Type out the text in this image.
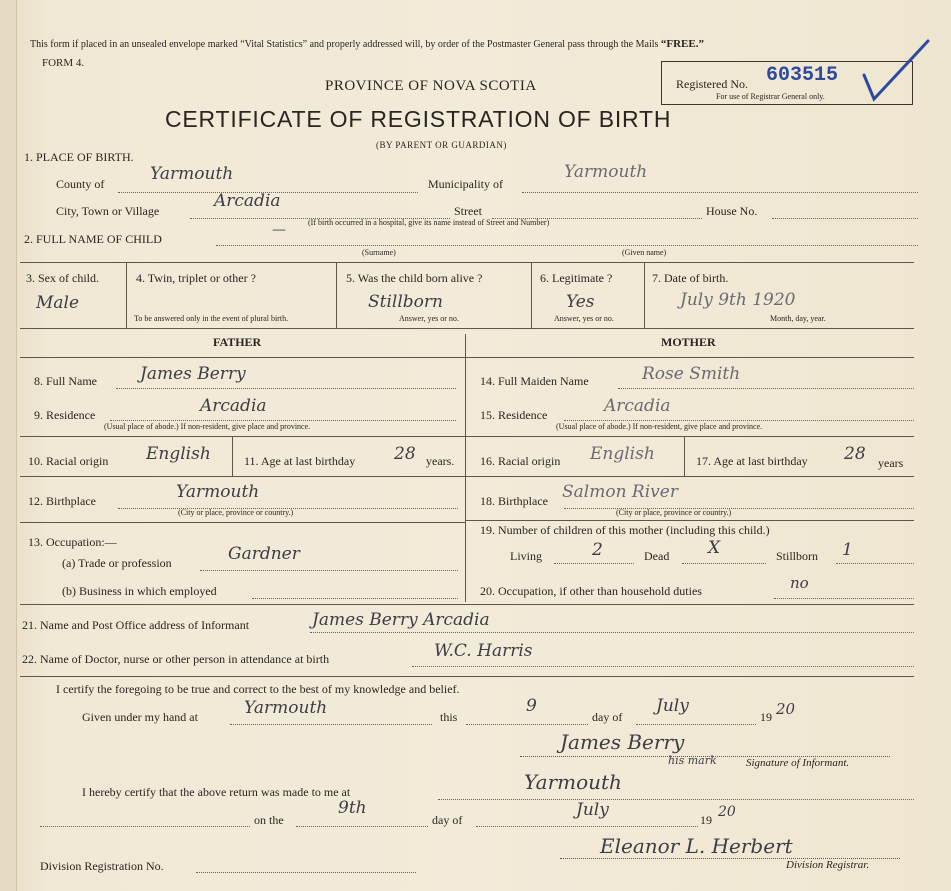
This form if placed in an unsealed envelope marked “Vital Statistics” and properly addressed will, by order of the Postmaster General pass through the Mails “FREE.”
FORM 4.
Registered No. 603515
For use of Registrar General only.
PROVINCE OF NOVA SCOTIA
CERTIFICATE OF REGISTRATION OF BIRTH
(BY PARENT OR GUARDIAN)
1. PLACE OF BIRTH.
County of	Yarmouth	Municipality of
Yarmouth
City, Town or Village	Arcadia	Street
(If birth occurred in a hospital, give its name instead of Street and Number)
House No.
2. FULL NAME OF CHILD
—
(Surname)	(Given name)
3. Sex of child.
Male
4. Twin, triplet or other ?
To be answered only in the event of plural birth.
5. Was the child born alive ?
Stillborn
Answer, yes or no.
6. Legitimate ?
Yes
Answer, yes or no.
7. Date of birth.
July 9th 1920
Month, day, year.
FATHER	MOTHER
8. Full Name	James Berry
9. Residence	Arcadia
(Usual place of abode.) If non-resident, give place and province.
10. Racial origin English	11. Age at last birthday 28 years.
12. Birthplace	Yarmouth
(City or place, province or country.)
13. Occupation:—
(a) Trade or profession	Gardner
(b) Business in which employed
14. Full Maiden Name	Rose Smith
15. Residence	Arcadia
(Usual place of abode.) If non-resident, give place and province.
16. Racial origin English	17. Age at last birthday 28 years
18. Birthplace Salmon River
(City or place, province or country.)
19. Number of children of this mother (including this child.)
Living	2	Dead X	Stillborn 1
20. Occupation, if other than household duties	no
21. Name and Post Office address of Informant	James Berry Arcadia
22. Name of Doctor, nurse or other person in attendance at birth	W.C. Harris
I certify the foregoing to be true and correct to the best of my knowledge and belief.
Given under my hand at	Yarmouth	this
9
day of
July
19 20
James Berry
his mark	Signature of Informant.
I hereby certify that the above return was made to me at	Yarmouth
on the
9th
day of	July	19 20
Eleanor L. Herbert
Division Registration No.	Division Registrar.
